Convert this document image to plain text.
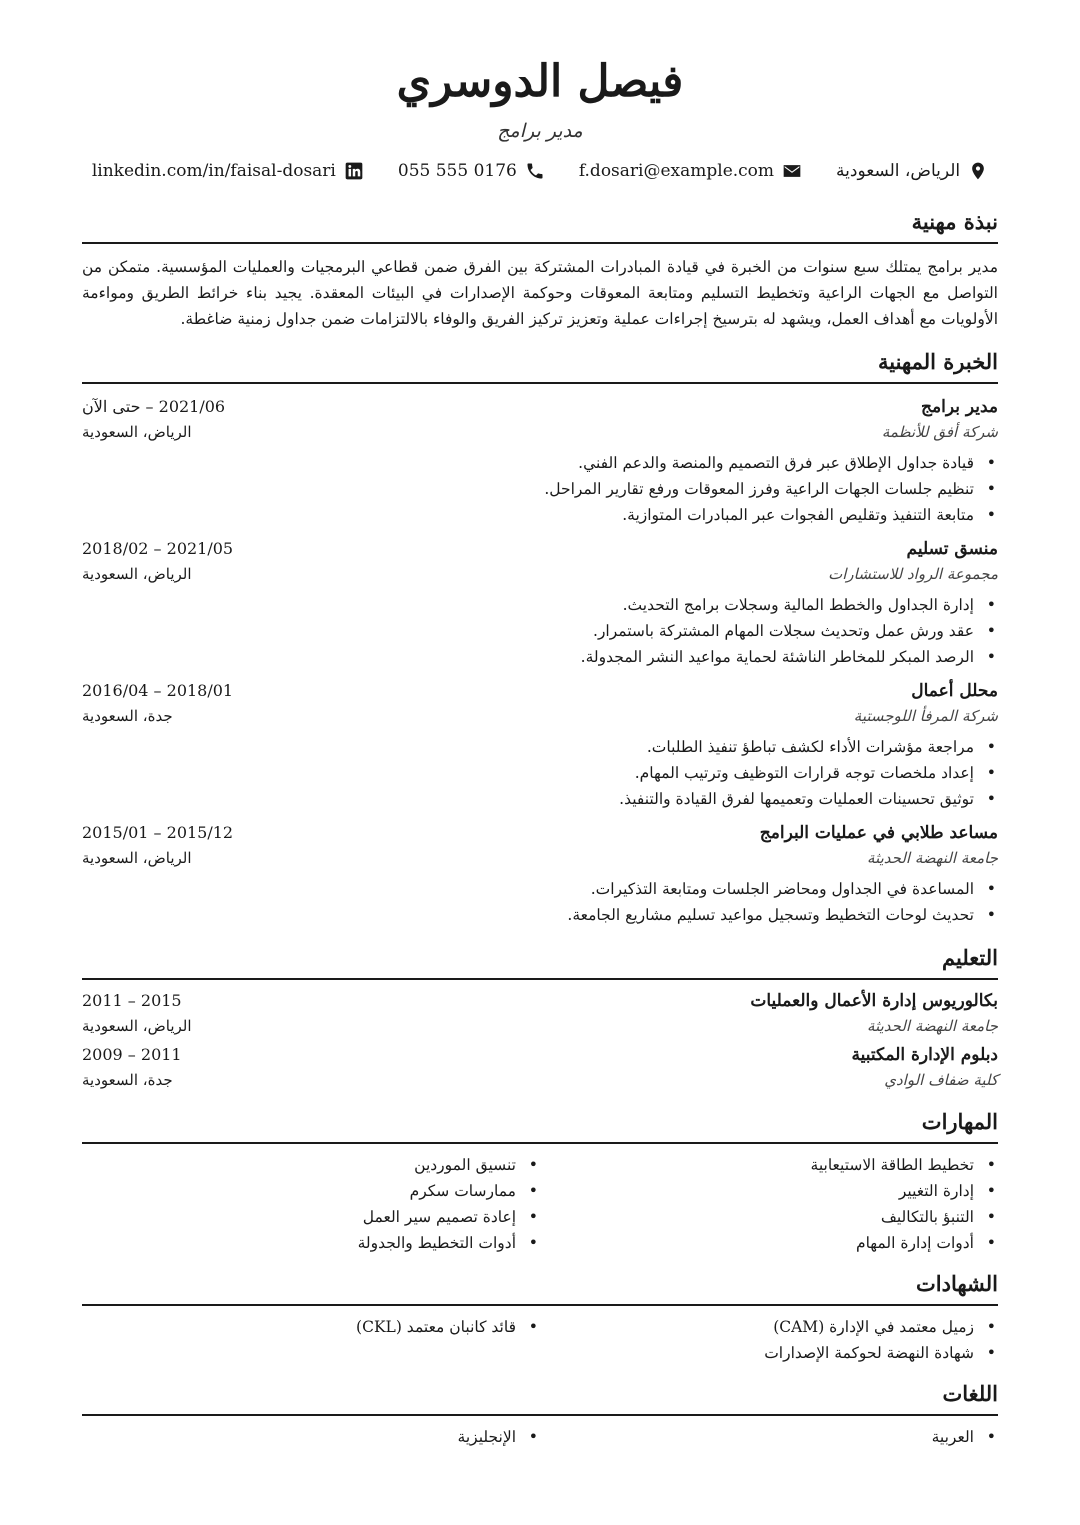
فيصل الدوسري
مدير برامج
الرياض، السعودية
f.dosari@example.com
055 555 0176
linkedin.com/in/faisal-dosari
نبذة مهنية
مدير برامج يمتلك سبع سنوات من الخبرة في قيادة المبادرات المشتركة بين الفرق ضمن قطاعي البرمجيات والعمليات المؤسسية. متمكن من التواصل مع الجهات الراعية وتخطيط التسليم ومتابعة المعوقات وحوكمة الإصدارات في البيئات المعقدة. يجيد بناء خرائط الطريق ومواءمة الأولويات مع أهداف العمل، ويشهد له بترسيخ إجراءات عملية وتعزيز تركيز الفريق والوفاء بالالتزامات ضمن جداول زمنية ضاغطة.
الخبرة المهنية
مدير برامج
شركة أفق للأنظمة
2021/06 – حتى الآن
الرياض، السعودية
• قيادة جداول الإطلاق عبر فرق التصميم والمنصة والدعم الفني.
• تنظيم جلسات الجهات الراعية وفرز المعوقات ورفع تقارير المراحل.
• متابعة التنفيذ وتقليص الفجوات عبر المبادرات المتوازية.
منسق تسليم
مجموعة الرواد للاستشارات
2021/05 – 2018/02
الرياض، السعودية
• إدارة الجداول والخطط المالية وسجلات برامج التحديث.
• عقد ورش عمل وتحديث سجلات المهام المشتركة باستمرار.
• الرصد المبكر للمخاطر الناشئة لحماية مواعيد النشر المجدولة.
محلل أعمال
شركة المرفأ اللوجستية
2018/01 – 2016/04
جدة، السعودية
• مراجعة مؤشرات الأداء لكشف تباطؤ تنفيذ الطلبات.
• إعداد ملخصات توجه قرارات التوظيف وترتيب المهام.
• توثيق تحسينات العمليات وتعميمها لفرق القيادة والتنفيذ.
مساعد طلابي في عمليات البرامج
جامعة النهضة الحديثة
2015/12 – 2015/01
الرياض، السعودية
• المساعدة في الجداول ومحاضر الجلسات ومتابعة التذكيرات.
• تحديث لوحات التخطيط وتسجيل مواعيد تسليم مشاريع الجامعة.
التعليم
بكالوريوس إدارة الأعمال والعمليات
جامعة النهضة الحديثة
2015 – 2011
الرياض، السعودية
دبلوم الإدارة المكتبية
كلية ضفاف الوادي
2011 – 2009
جدة، السعودية
المهارات
• تخطيط الطاقة الاستيعابية
• إدارة التغيير
• التنبؤ بالتكاليف
• أدوات إدارة المهام
• تنسيق الموردين
• ممارسات سكرم
• إعادة تصميم سير العمل
• أدوات التخطيط والجدولة
الشهادات
• زميل معتمد في الإدارة (CAM)
• شهادة النهضة لحوكمة الإصدارات
• قائد كانبان معتمد (CKL)
اللغات
• العربية
• الإنجليزية
